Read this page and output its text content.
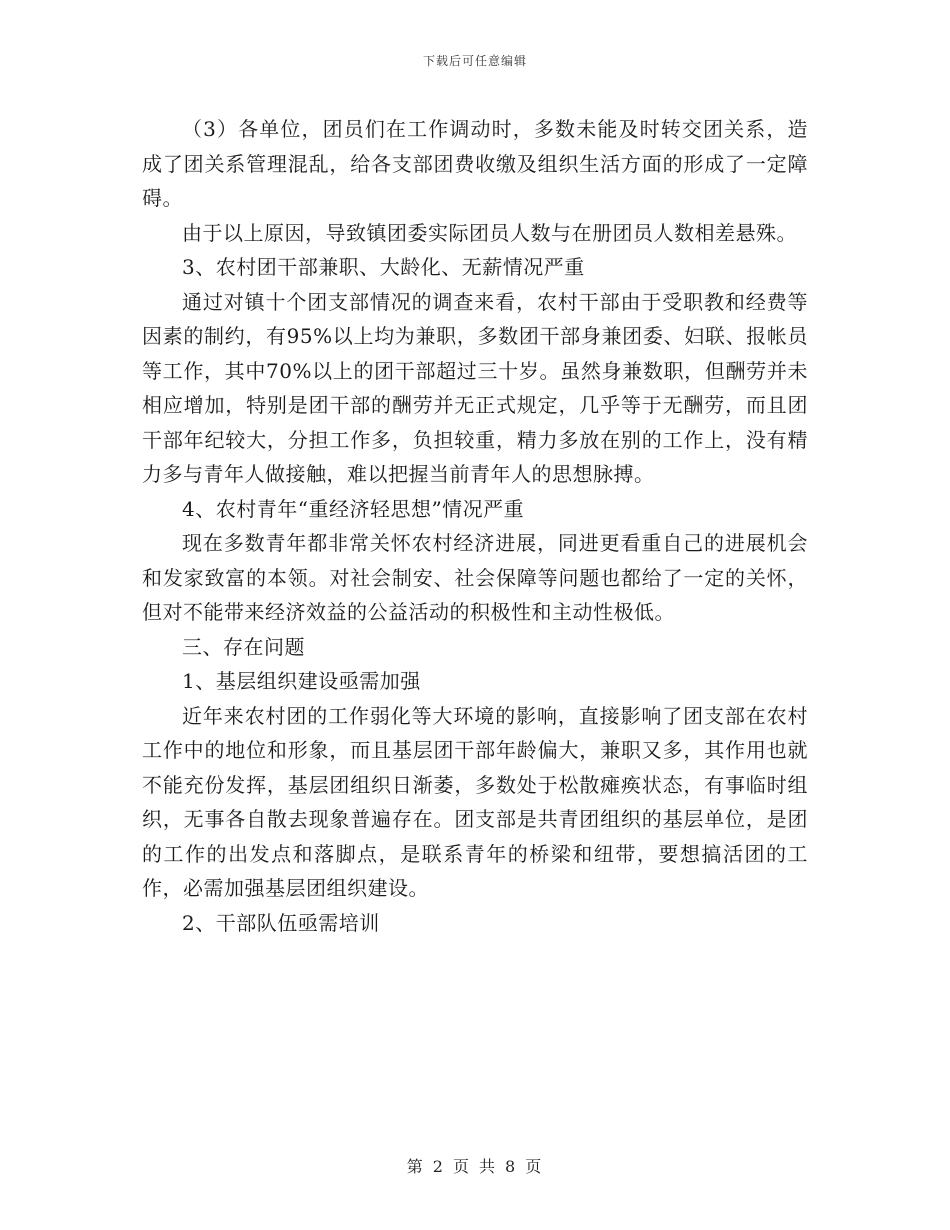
下载后可任意编辑

（3）各单位，团员们在工作调动时，多数未能及时转交团关系，造成了团关系管理混乱，给各支部团费收缴及组织生活方面的形成了一定障碍。

由于以上原因，导致镇团委实际团员人数与在册团员人数相差悬殊。

3、农村团干部兼职、大龄化、无薪情况严重

通过对镇十个团支部情况的调查来看，农村干部由于受职教和经费等因素的制约，有95%以上均为兼职，多数团干部身兼团委、妇联、报帐员等工作，其中70%以上的团干部超过三十岁。虽然身兼数职，但酬劳并未相应增加，特别是团干部的酬劳并无正式规定，几乎等于无酬劳，而且团干部年纪较大，分担工作多，负担较重，精力多放在别的工作上，没有精力多与青年人做接触，难以把握当前青年人的思想脉搏。

4、农村青年“重经济轻思想”情况严重

现在多数青年都非常关怀农村经济进展，同进更看重自己的进展机会和发家致富的本领。对社会制安、社会保障等问题也都给了一定的关怀，但对不能带来经济效益的公益活动的积极性和主动性极低。

三、存在问题

1、基层组织建设亟需加强

近年来农村团的工作弱化等大环境的影响，直接影响了团支部在农村工作中的地位和形象，而且基层团干部年龄偏大，兼职又多，其作用也就不能充份发挥，基层团组织日渐萎，多数处于松散瘫痪状态，有事临时组织，无事各自散去现象普遍存在。团支部是共青团组织的基层单位，是团的工作的出发点和落脚点，是联系青年的桥梁和纽带，要想搞活团的工作，必需加强基层团组织建设。

2、干部队伍亟需培训

第 2 页 共 8 页
